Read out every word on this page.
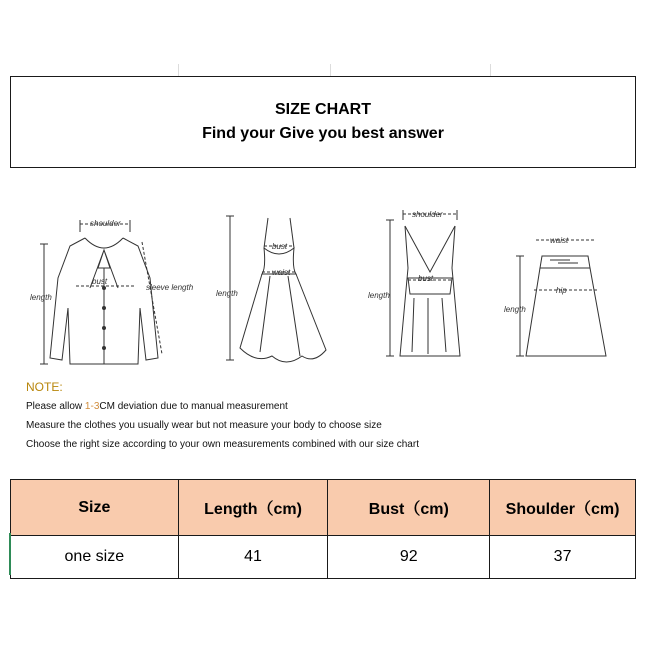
SIZE CHART
Find your Give you best answer
shoulder
bust
length
sleeve length
bust
waist
length
shoulder
bust
length
waist
hip
length
NOTE:
Please allow 1-3CM deviation due to manual measurement
Measure the clothes you usually wear but not measure your body to choose size
Choose the right size according to your own measurements combined with our size chart
Size	Length（cm)	Bust（cm)	Shoulder（cm)
one size	41	92	37
